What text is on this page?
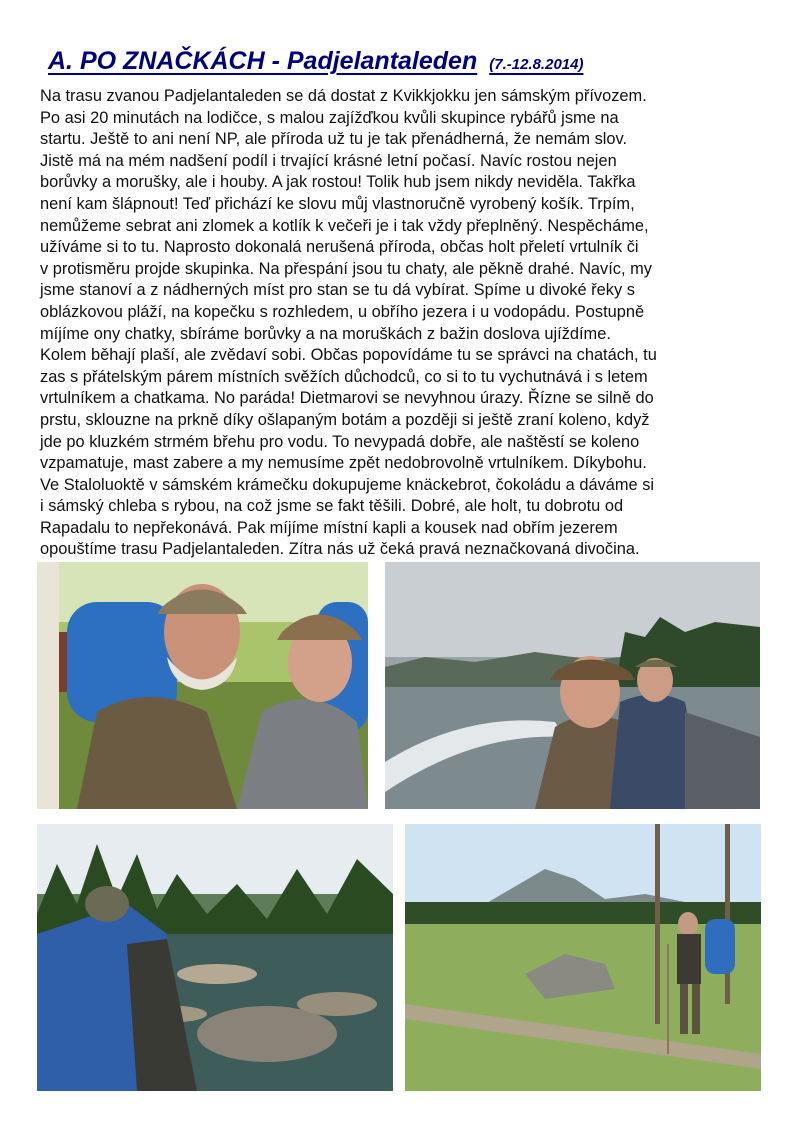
A. PO ZNAČKÁCH - Padjelantaleden (7.-12.8.2014)

Na trasu zvanou Padjelantaleden se dá dostat z Kvikkjokku jen sámským přívozem.

Po asi 20 minutách na lodičce, s malou zajížďkou kvůli skupince rybářů jsme na

startu. Ještě to ani není NP, ale příroda už tu je tak přenádherná, že nemám slov.

Jistě má na mém nadšení podíl i trvající krásné letní počasí. Navíc rostou nejen

borůvky a morušky, ale i houby. A jak rostou! Tolik hub jsem nikdy neviděla. Takřka

není kam šlápnout! Teď přichází ke slovu můj vlastnoručně vyrobený košík. Trpím,

nemůžeme sebrat ani zlomek a kotlík k večeři je i tak vždy přeplněný. Nespěcháme,

užíváme si to tu. Naprosto dokonalá nerušená příroda, občas holt přeletí vrtulník či

v protisměru projde skupinka. Na přespání jsou tu chaty, ale pěkně drahé. Navíc, my

jsme stanoví a z nádherných míst pro stan se tu dá vybírat. Spíme u divoké řeky s

oblázkovou pláží, na kopečku s rozhledem, u obřího jezera i u vodopádu. Postupně

míjíme ony chatky, sbíráme borůvky a na moruškách z bažin doslova ujíždíme.

Kolem běhají plaší, ale zvědaví sobi. Občas popovídáme tu se správci na chatách, tu

zas s přátelským párem místních svěžích důchodců, co si to tu vychutnává i s letem

vrtulníkem a chatkama. No paráda! Dietmarovi se nevyhnou úrazy. Řízne se silně do

prstu, sklouzne na prkně díky ošlapaným botám a později si ještě zraní koleno, když

jde po kluzkém strmém břehu pro vodu. To nevypadá dobře, ale naštěstí se koleno

vzpamatuje, mast zabere a my nemusíme zpět nedobrovolně vrtulníkem. Díkybohu.

Ve Staloluoktě v sámském krámečku dokupujeme knäckebrot, čokoládu a dáváme si

i sámský chleba s rybou, na což jsme se fakt těšili. Dobré, ale holt, tu dobrotu od

Rapadalu to nepřekonává. Pak míjíme místní kapli a kousek nad obřím jezerem

opouštíme trasu Padjelantaleden. Zítra nás už čeká pravá neznačkovaná divočina.
